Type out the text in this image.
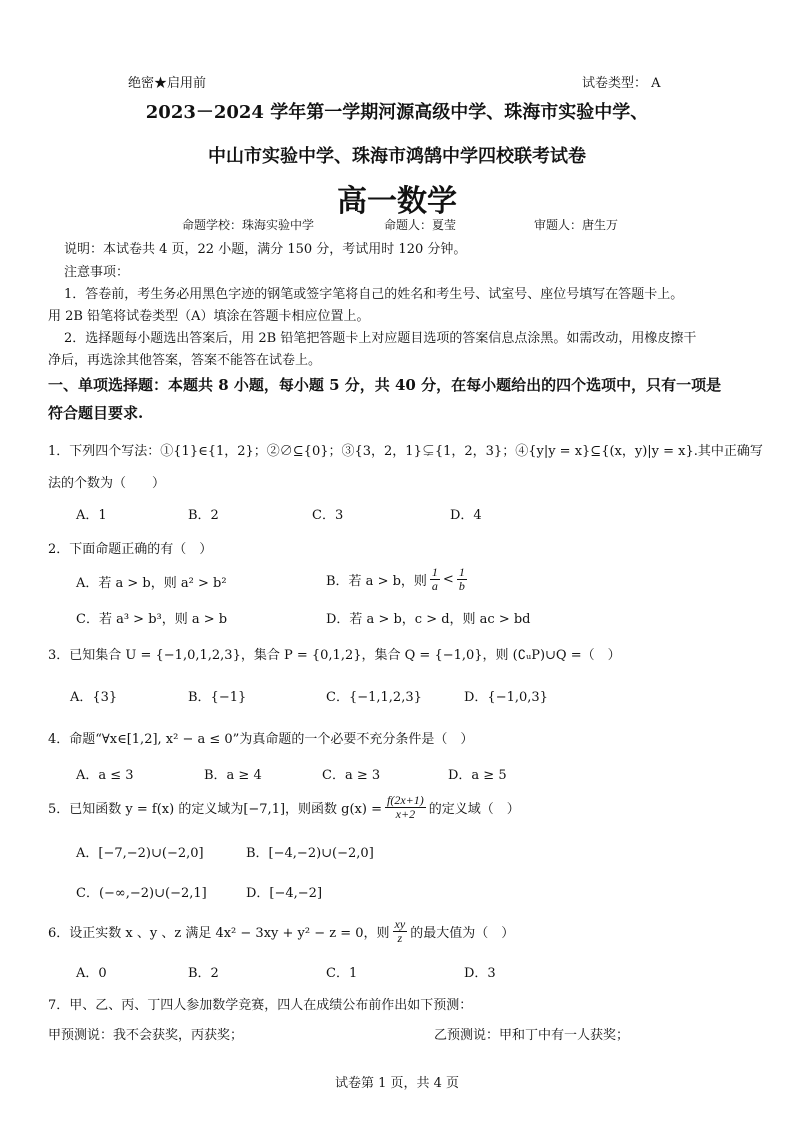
绝密★启用前	试卷类型： A
2023－2024 学年第一学期河源高级中学、珠海市实验中学、
中山市实验中学、珠海市鸿鹄中学四校联考试卷
高一数学
命题学校：珠海实验中学	命题人：夏莹	审题人：唐生万
说明：本试卷共 4 页，22 小题，满分 150 分，考试用时 120 分钟。
注意事项：
1．答卷前，考生务必用黑色字迹的钢笔或签字笔将自己的姓名和考生号、试室号、座位号填写在答题卡上。
用 2B 铅笔将试卷类型（A）填涂在答题卡相应位置上。
2．选择题每小题选出答案后，用 2B 铅笔把答题卡上对应题目选项的答案信息点涂黑。如需改动，用橡皮擦干
净后，再选涂其他答案，答案不能答在试卷上。
一、单项选择题：本题共 8 小题，每小题 5 分，共 40 分，在每小题给出的四个选项中，只有一项是
符合题目要求.
1．下列四个写法：①{1}∈{1，2}；②∅⊆{0}；③{3，2，1}⊊{1，2，3}；④{y|y = x}⊆{(x，y)|y = x}.其中正确写
法的个数为（　　）
A．1	B．2	C．3	D．4
2．下面命题正确的有（　）
A．若 a > b，则 a² > b²	B．若 a > b，则 $\frac{1}{a} < \frac{1}{b}$
C．若 a³ > b³，则 a > b	D．若 a > b，c > d，则 ac > bd
3．已知集合 U = {−1,0,1,2,3}，集合 P = {0,1,2}，集合 Q = {−1,0}，则 (∁ᵤP)∪Q =（　）
A．{3}	B．{−1}	C．{−1,1,2,3}	D．{−1,0,3}
4．命题“∀x∈[1,2], x² − a ≤ 0”为真命题的一个必要不充分条件是（　）
A．a ≤ 3	B．a ≥ 4	C．a ≥ 3	D．a ≥ 5
5．已知函数 y = f(x) 的定义域为[−7,1]，则函数 $g(x) = \frac{f(2x+1)}{x+2}$ 的定义域（　）
A．[−7,−2)∪(−2,0]	B．[−4,−2)∪(−2,0]
C．(−∞,−2)∪(−2,1]	D．[−4,−2]
6．设正实数 x 、y 、z 满足 4x² − 3xy + y² − z = 0，则 $\frac{xy}{z}$ 的最大值为（　）
A．0	B．2	C．1	D．3
7．甲、乙、丙、丁四人参加数学竞赛，四人在成绩公布前作出如下预测：
甲预测说：我不会获奖，丙获奖；	乙预测说：甲和丁中有一人获奖；
试卷第 1 页，共 4 页
